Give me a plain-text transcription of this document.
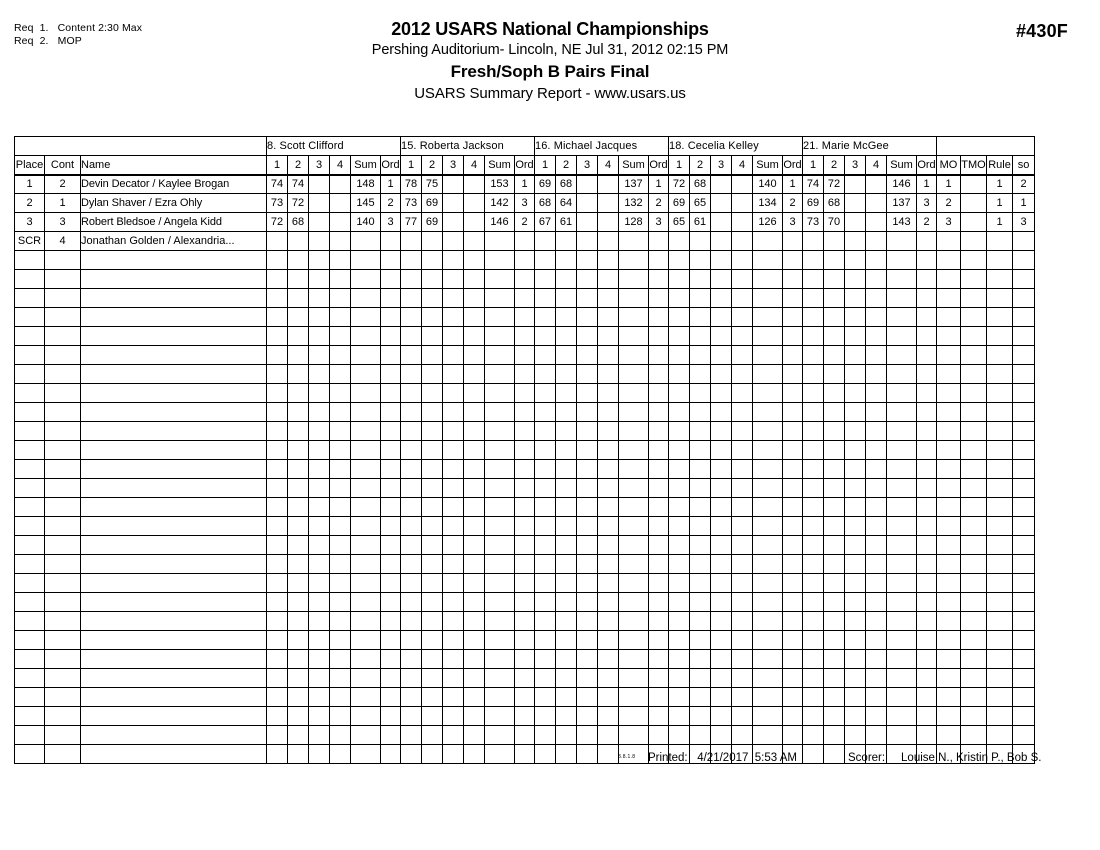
Req  1.   Content 2:30 Max
Req  2.   MOP
2012 USARS National Championships
Pershing Auditorium- Lincoln, NE Jul 31, 2012 02:15 PM
Fresh/Soph B Pairs Final
USARS Summary Report - www.usars.us
#430F
			8. Scott Clifford						15. Roberta Jackson						16. Michael Jacques						18. Cecelia Kelley						21. Marie McGee									
Place	Cont	Name	1	2	3	4	Sum	Ord	1	2	3	4	Sum	Ord	1	2	3	4	Sum	Ord	1	2	3	4	Sum	Ord	1	2	3	4	Sum	Ord	MO	TMO	Rule	so
1	2	Devin Decator / Kaylee Brogan	74	74			148	1	78	75			153	1	69	68			137	1	72	68			140	1	74	72			146	1	1		1	2
2	1	Dylan Shaver / Ezra Ohly	73	72			145	2	73	69			142	3	68	64			132	2	69	65			134	2	69	68			137	3	2		1	1
3	3	Robert Bledsoe / Angela Kidd	72	68			140	3	77	69			146	2	67	61			128	3	65	61			126	3	73	70			143	2	3		1	3
SCR	4	Jonathan Golden / Alexandria...																																		

3.8.1.8 Printed:   4/21/2017  5:53 AM	Scorer:     Louise N., Kristin P., Bob S.
